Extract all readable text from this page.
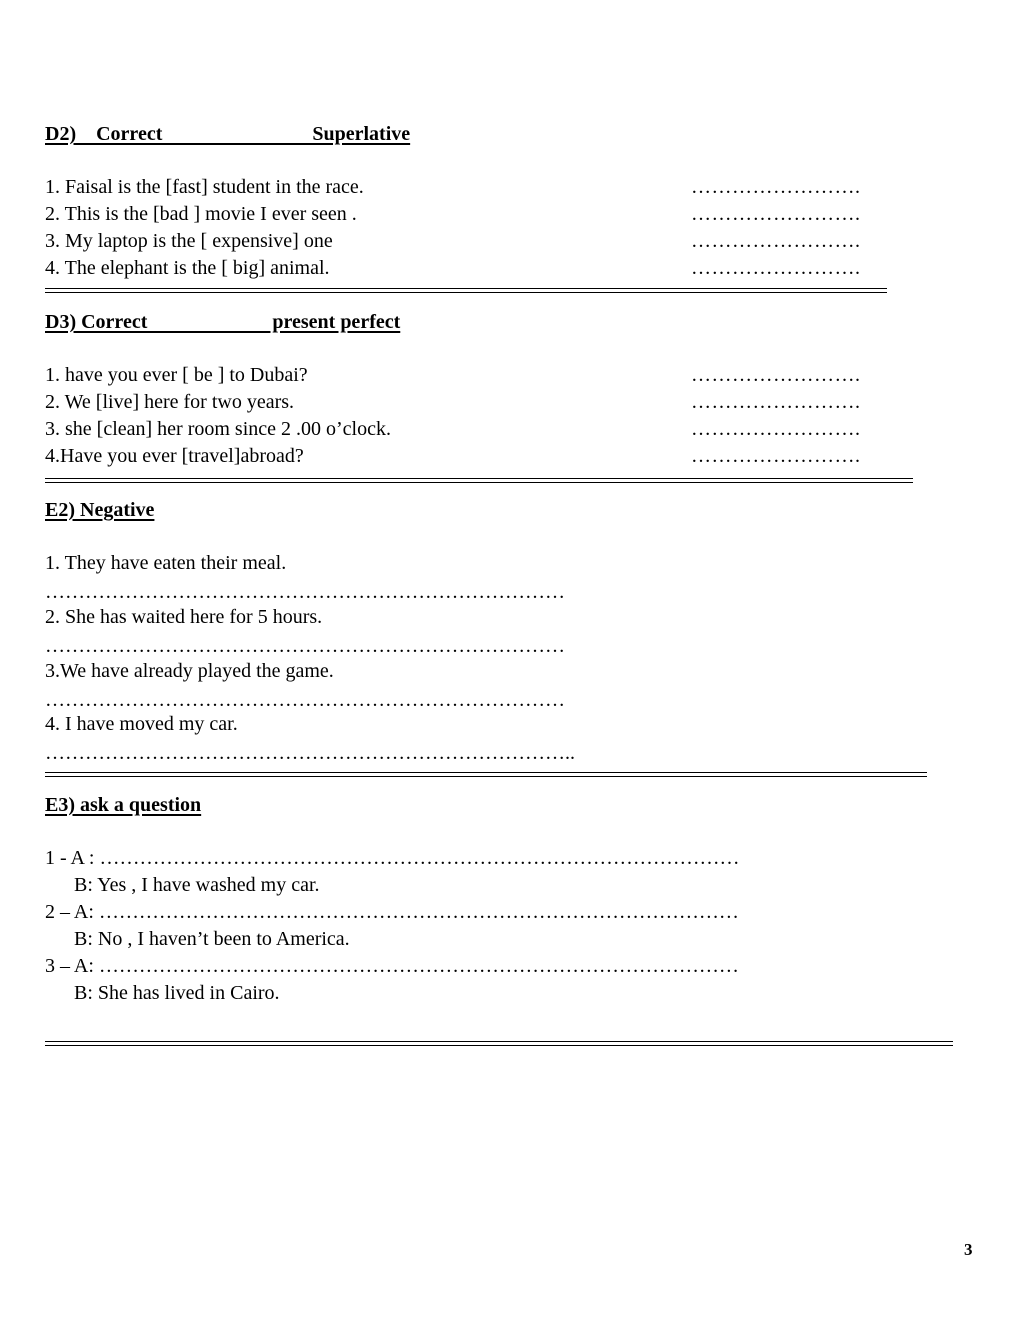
D2)    Correct                              Superlative
1. Faisal is the [fast] student in the race.	…………………….
2. This is the [bad ] movie I ever seen .	…………………….
3. My laptop is the [ expensive] one	…………………….
4. The elephant is the [ big] animal.	…………………….
D3) Correct                         present perfect
1. have you ever [ be ] to Dubai?	…………………….
2. We [live] here for two years.	…………………….
3. she [clean] her room since 2 .00 o’clock.	…………………….
4.Have you ever [travel]abroad?	…………………….
E2) Negative
1. They have eaten their meal.
……………………………………………………………………
2. She has waited here for 5 hours.
……………………………………………………………………
3.We have already played the game.
……………………………………………………………………
4. I have moved my car.
……………………………………………………………………..
E3) ask a question
1 - A : ……………………………………………………………………………………
B: Yes , I have washed my car.
2 – A: ……………………………………………………………………………………
B: No , I haven’t been to America.
3 – A: ……………………………………………………………………………………
B: She has lived in Cairo.
3
